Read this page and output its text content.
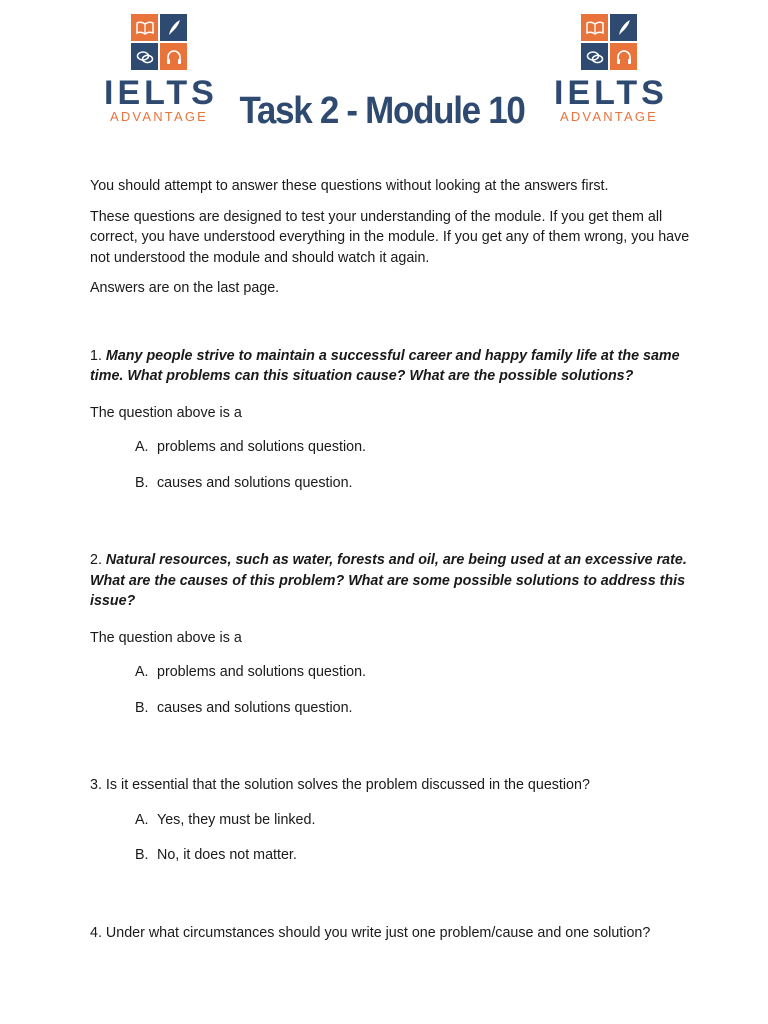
IELTS
ADVANTAGE Task 2 - Module 10 IELTS
ADVANTAGE

You should attempt to answer these questions without looking at the answers first.

These questions are designed to test your understanding of the module. If you get them all correct, you have understood everything in the module. If you get any of them wrong, you have not understood the module and should watch it again.

Answers are on the last page.

1. Many people strive to maintain a successful career and happy family life at the same time. What problems can this situation cause? What are the possible solutions?

The question above is a

A. problems and solutions question.
B. causes and solutions question.

2. Natural resources, such as water, forests and oil, are being used at an excessive rate. What are the causes of this problem? What are some possible solutions to address this issue?

The question above is a

A. problems and solutions question.
B. causes and solutions question.

3. Is it essential that the solution solves the problem discussed in the question?

A. Yes, they must be linked.
B. No, it does not matter.

4. Under what circumstances should you write just one problem/cause and one solution?
